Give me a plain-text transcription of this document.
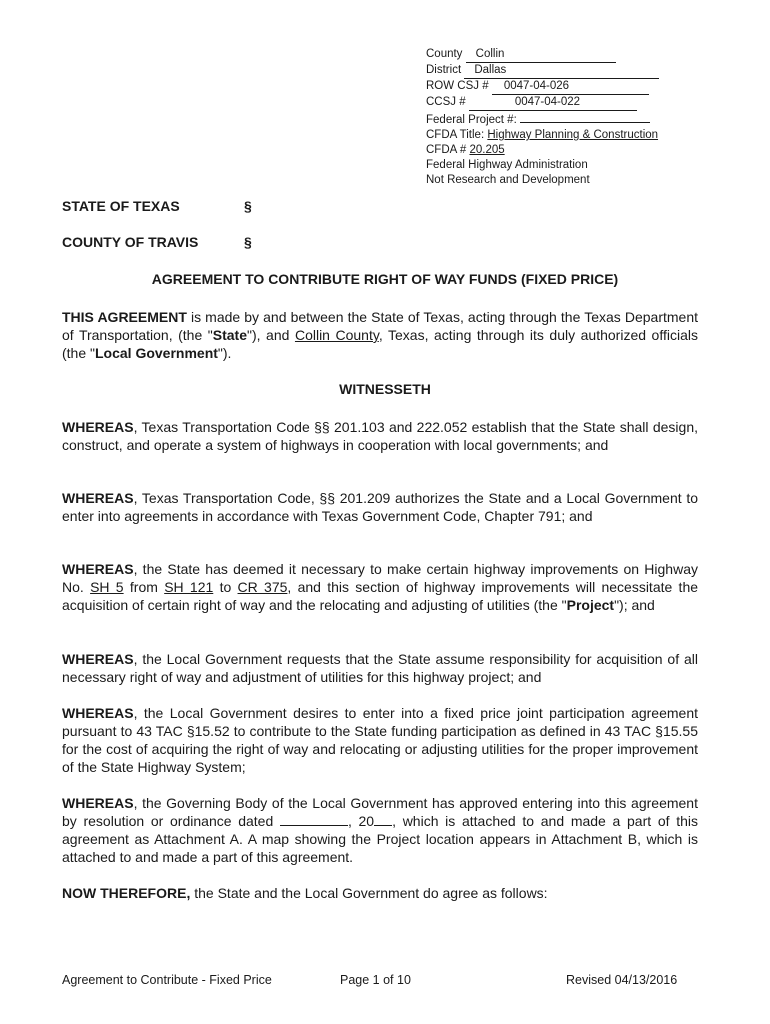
County Collin
District Dallas
ROW CSJ # 0047-04-026
CCSJ #	0047-04-022
Federal Project #:
CFDA Title: Highway Planning & Construction
CFDA # 20.205
Federal Highway Administration
Not Research and Development
STATE OF TEXAS	§
COUNTY OF TRAVIS	§
AGREEMENT TO CONTRIBUTE RIGHT OF WAY FUNDS (FIXED PRICE)
THIS AGREEMENT is made by and between the State of Texas, acting through the Texas Department of Transportation, (the "State"), and Collin County, Texas, acting through its duly authorized officials (the "Local Government").
WITNESSETH
WHEREAS, Texas Transportation Code §§ 201.103 and 222.052 establish that the State shall design, construct, and operate a system of highways in cooperation with local governments; and
WHEREAS, Texas Transportation Code, §§ 201.209 authorizes the State and a Local Government to enter into agreements in accordance with Texas Government Code, Chapter 791; and
WHEREAS, the State has deemed it necessary to make certain highway improvements on Highway No. SH 5 from SH 121 to CR 375, and this section of highway improvements will necessitate the acquisition of certain right of way and the relocating and adjusting of utilities (the "Project"); and
WHEREAS, the Local Government requests that the State assume responsibility for acquisition of all necessary right of way and adjustment of utilities for this highway project; and
WHEREAS, the Local Government desires to enter into a fixed price joint participation agreement pursuant to 43 TAC §15.52 to contribute to the State funding participation as defined in 43 TAC §15.55 for the cost of acquiring the right of way and relocating or adjusting utilities for the proper improvement of the State Highway System;
WHEREAS, the Governing Body of the Local Government has approved entering into this agreement by resolution or ordinance dated	, 20 , which is attached to and made a part of this agreement as Attachment A. A map showing the Project location appears in Attachment B, which is attached to and made a part of this agreement.
NOW THEREFORE, the State and the Local Government do agree as follows:
Agreement to Contribute - Fixed Price	Page 1 of 10	Revised 04/13/2016
